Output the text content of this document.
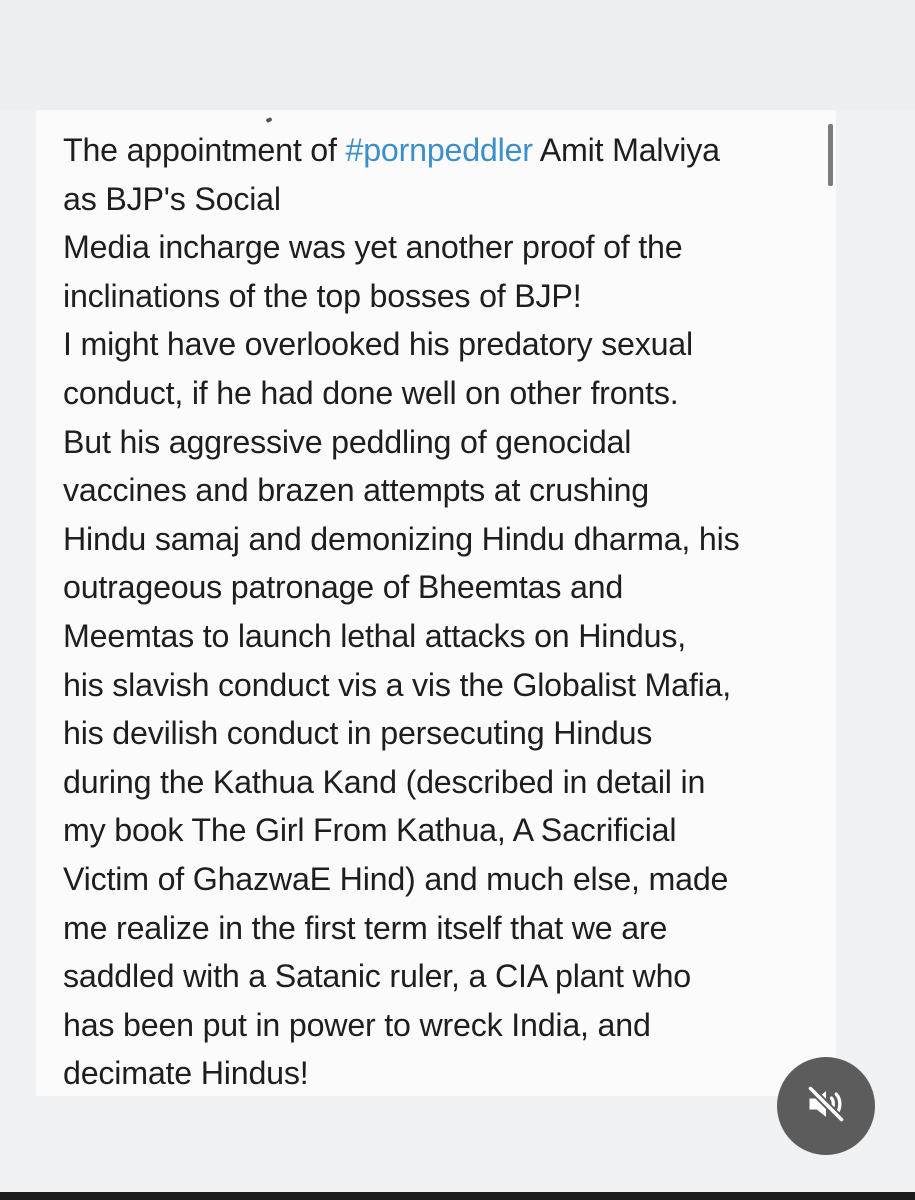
The appointment of #pornpeddler Amit Malviya
as BJP's Social
Media incharge was yet another proof of the
inclinations of the top bosses of BJP!
I might have overlooked his predatory sexual
conduct, if he had done well on other fronts.
But his aggressive peddling of genocidal
vaccines and brazen attempts at crushing
Hindu samaj and demonizing Hindu dharma, his
outrageous patronage of Bheemtas and
Meemtas to launch lethal attacks on Hindus,
his slavish conduct vis a vis the Globalist Mafia,
his devilish conduct in persecuting Hindus
during the Kathua Kand (described in detail in
my book The Girl From Kathua, A Sacrificial
Victim of GhazwaE Hind) and much else, made
me realize in the first term itself that we are
saddled with a Satanic ruler, a CIA plant who
has been put in power to wreck India, and
decimate Hindus!
